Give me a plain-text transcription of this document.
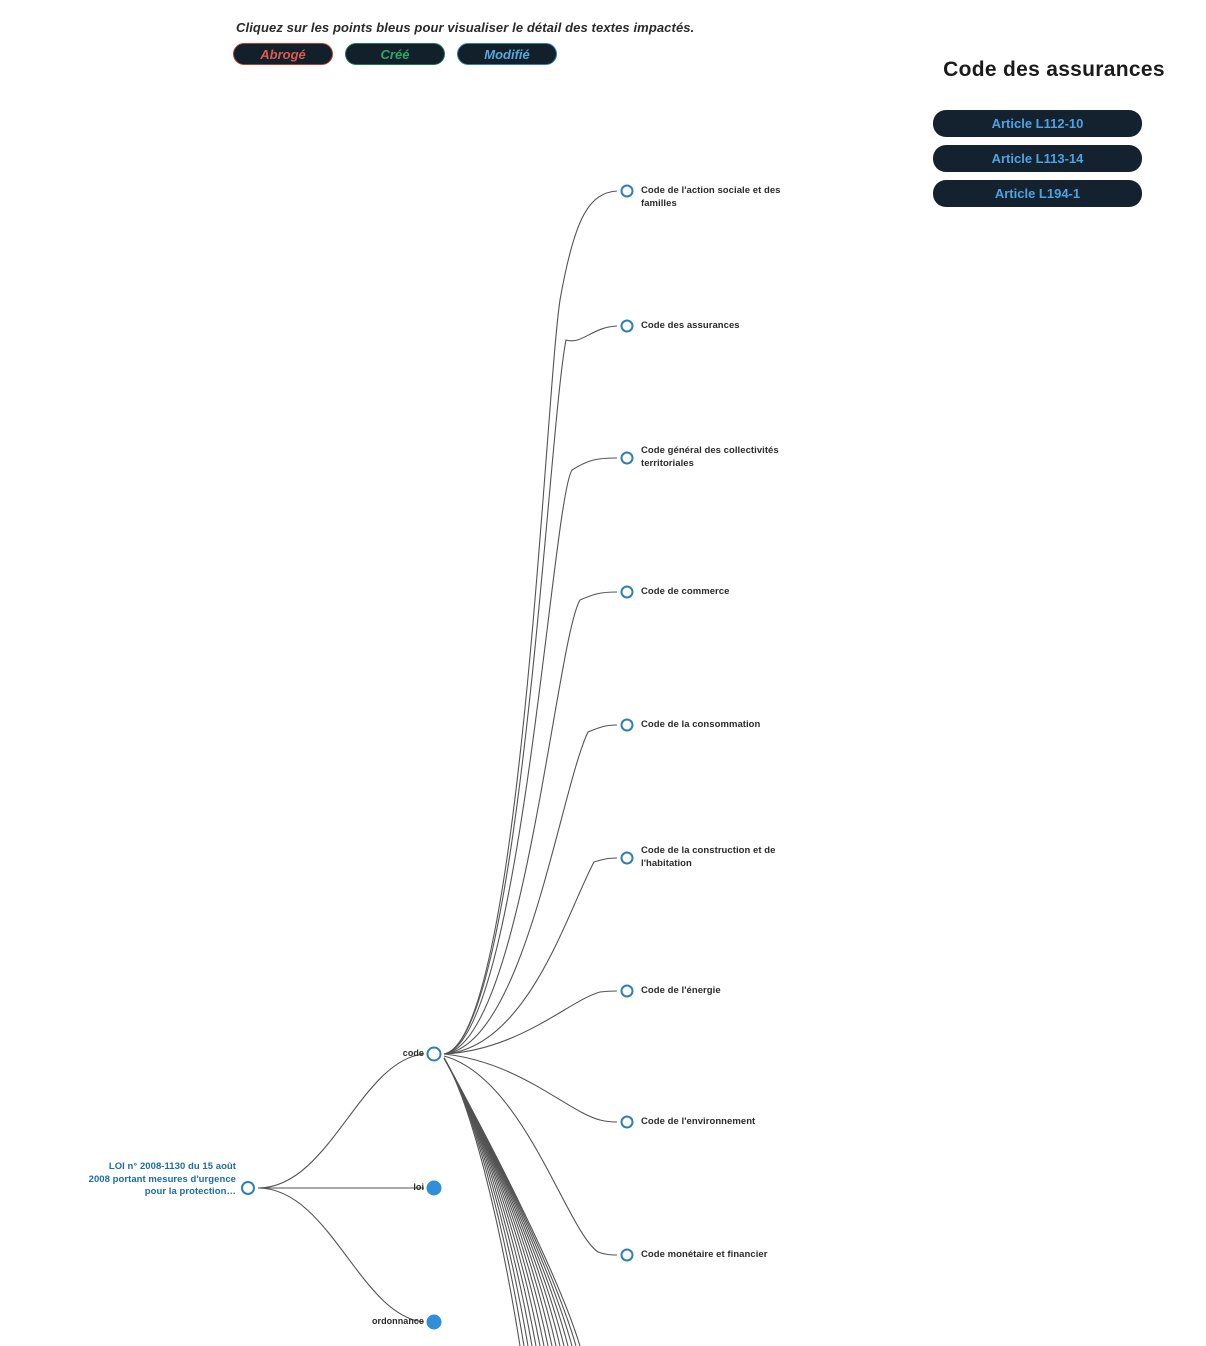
Cliquez sur les points bleus pour visualiser le détail des textes impactés.
Abrogé	Créé	Modifié
Code des assurances
Article L112-10
Article L113-14
Article L194-1
LOI n° 2008-1130 du 15 août 2008 portant mesures d'urgence pour la protection…
code
loi
ordonnance
Code de l'action sociale et des familles
Code des assurances
Code général des collectivités territoriales
Code de commerce
Code de la consommation
Code de la construction et de l'habitation
Code de l'énergie
Code de l'environnement
Code monétaire et financier
